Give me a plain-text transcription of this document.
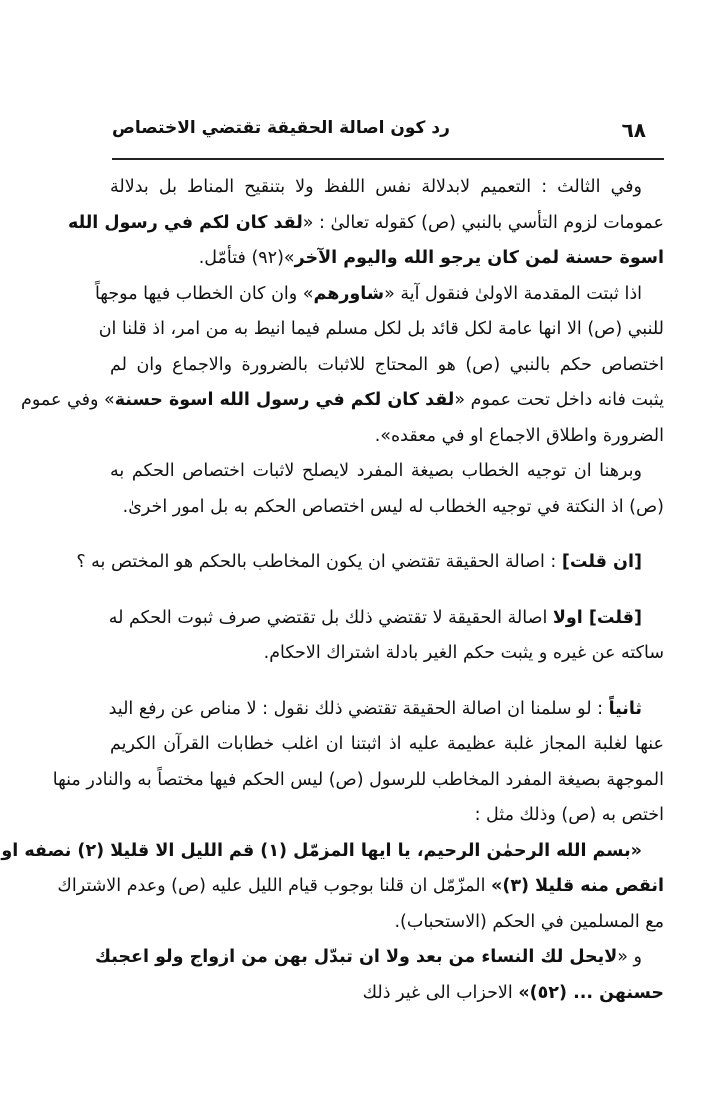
٦٨
رد كون اصالة الحقيقة تقتضي الاختصاص
وفي الثالث : التعميم لابدلالة نفس اللفظ ولا بتنقيح المناط بل بدلالة
عمومات لزوم التأسي بالنبي (ص) كقوله تعالىٰ : «لقد كان لكم في رسول الله
اسوة حسنة لمن كان يرجو الله واليوم الآخر»(٩٢) فتأمّل.
اذا ثبتت المقدمة الاولىٰ فنقول آية «شاورهم» وان كان الخطاب فيها موجهاً
للنبي (ص) الا انها عامة لكل قائد بل لكل مسلم فيما انيط به من امر، اذ قلنا ان
اختصاص حكم بالنبي (ص) هو المحتاج للاثبات بالضرورة والاجماع وان لم
يثبت فانه داخل تحت عموم «لقد كان لكم في رسول الله اسوة حسنة» وفي عموم
الضرورة واطلاق الاجماع او في معقده».
وبرهنا ان توجيه الخطاب بصيغة المفرد لايصلح لاثبات اختصاص الحكم به
(ص) اذ النكتة في توجيه الخطاب له ليس اختصاص الحكم به بل امور اخرىٰ.
[ان قلت] : اصالة الحقيقة تقتضي ان يكون المخاطب بالحكم هو المختص به ؟
[قلت] اولا اصالة الحقيقة لا تقتضي ذلك بل تقتضي صرف ثبوت الحكم له
ساكته عن غيره و يثبت حكم الغير بادلة اشتراك الاحكام.
ثانياً : لو سلمنا ان اصالة الحقيقة تقتضي ذلك نقول : لا مناص عن رفع اليد
عنها لغلبة المجاز غلبة عظيمة عليه اذ اثبتنا ان اغلب خطابات القرآن الكريم
الموجهة بصيغة المفرد المخاطب للرسول (ص) ليس الحكم فيها مختصاً به والنادر منها
اختص به (ص) وذلك مثل :
«بسم الله الرحمٰن الرحيم، يا ايها المزمّل (١) قم الليل الا قليلا (٢) نصفه او
انقص منه قليلا (٣)» المزّمّل ان قلنا بوجوب قيام الليل عليه (ص) وعدم الاشتراك
مع المسلمين في الحكم (الاستحباب).
و «لايحل لك النساء من بعد ولا ان تبدّل بهن من ازواج ولو اعجبك
حسنهن ... (٥٢)» الاحزاب الى غير ذلك
